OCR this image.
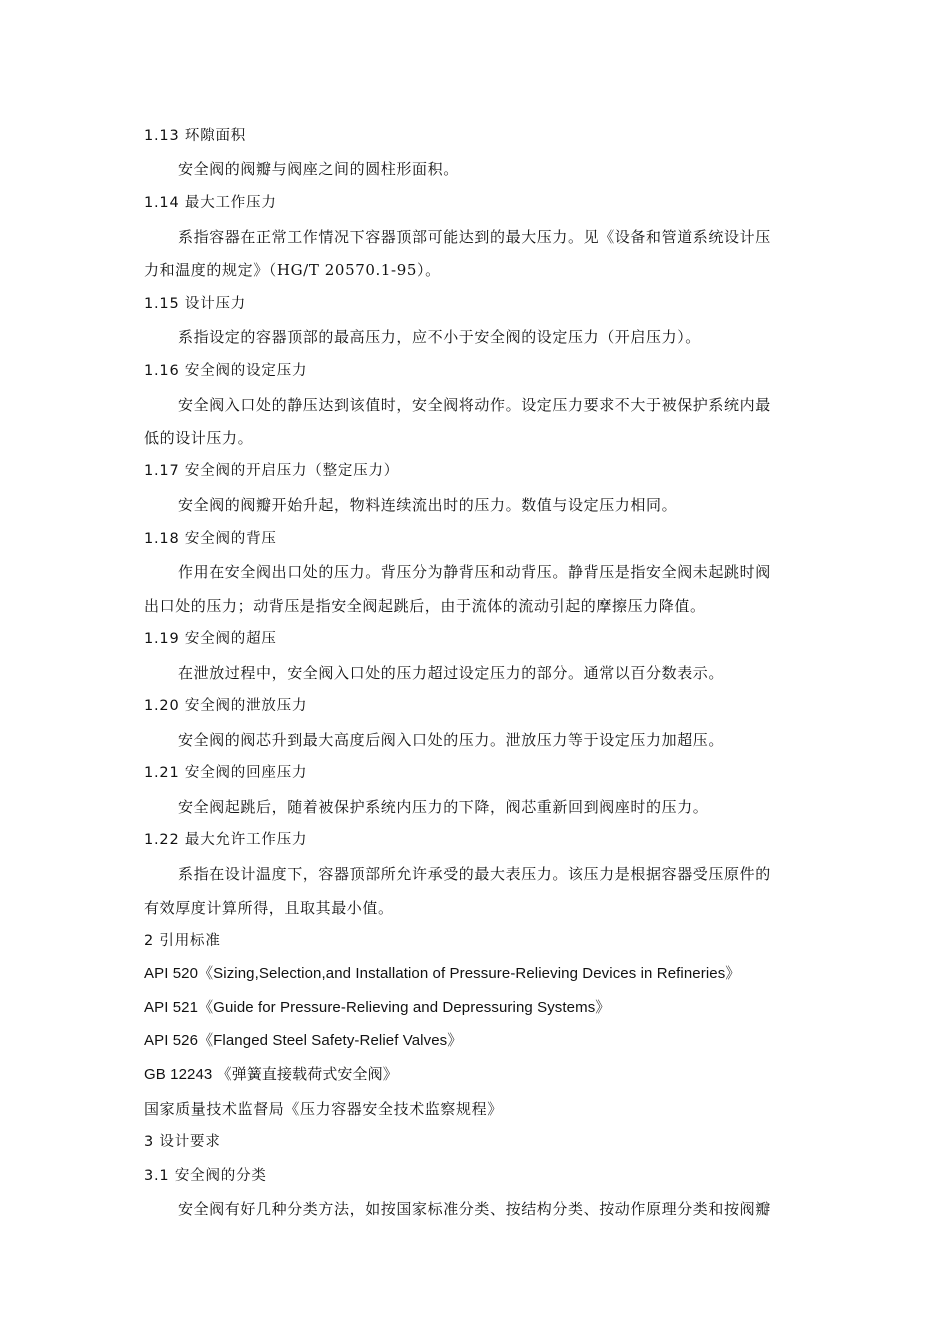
1.13 环隙面积
安全阀的阀瓣与阀座之间的圆柱形面积。
1.14 最大工作压力
系指容器在正常工作情况下容器顶部可能达到的最大压力。见《设备和管道系统设计压
力和温度的规定》（HG/T 20570.1-95）。
1.15 设计压力
系指设定的容器顶部的最高压力，应不小于安全阀的设定压力（开启压力）。
1.16 安全阀的设定压力
安全阀入口处的静压达到该值时，安全阀将动作。设定压力要求不大于被保护系统内最
低的设计压力。
1.17 安全阀的开启压力（整定压力）
安全阀的阀瓣开始升起，物料连续流出时的压力。数值与设定压力相同。
1.18 安全阀的背压
作用在安全阀出口处的压力。背压分为静背压和动背压。静背压是指安全阀未起跳时阀
出口处的压力；动背压是指安全阀起跳后，由于流体的流动引起的摩擦压力降值。
1.19 安全阀的超压
在泄放过程中，安全阀入口处的压力超过设定压力的部分。通常以百分数表示。
1.20 安全阀的泄放压力
安全阀的阀芯升到最大高度后阀入口处的压力。泄放压力等于设定压力加超压。
1.21 安全阀的回座压力
安全阀起跳后，随着被保护系统内压力的下降，阀芯重新回到阀座时的压力。
1.22 最大允许工作压力
系指在设计温度下，容器顶部所允许承受的最大表压力。该压力是根据容器受压原件的
有效厚度计算所得，且取其最小值。
2 引用标准
API 520《Sizing,Selection,and Installation of Pressure-Relieving Devices in Refineries》
API 521《Guide for Pressure-Relieving and Depressuring Systems》
API 526《Flanged Steel Safety-Relief Valves》
GB 12243 《弹簧直接载荷式安全阀》
国家质量技术监督局《压力容器安全技术监察规程》
3 设计要求
3.1 安全阀的分类
安全阀有好几种分类方法，如按国家标准分类、按结构分类、按动作原理分类和按阀瓣
